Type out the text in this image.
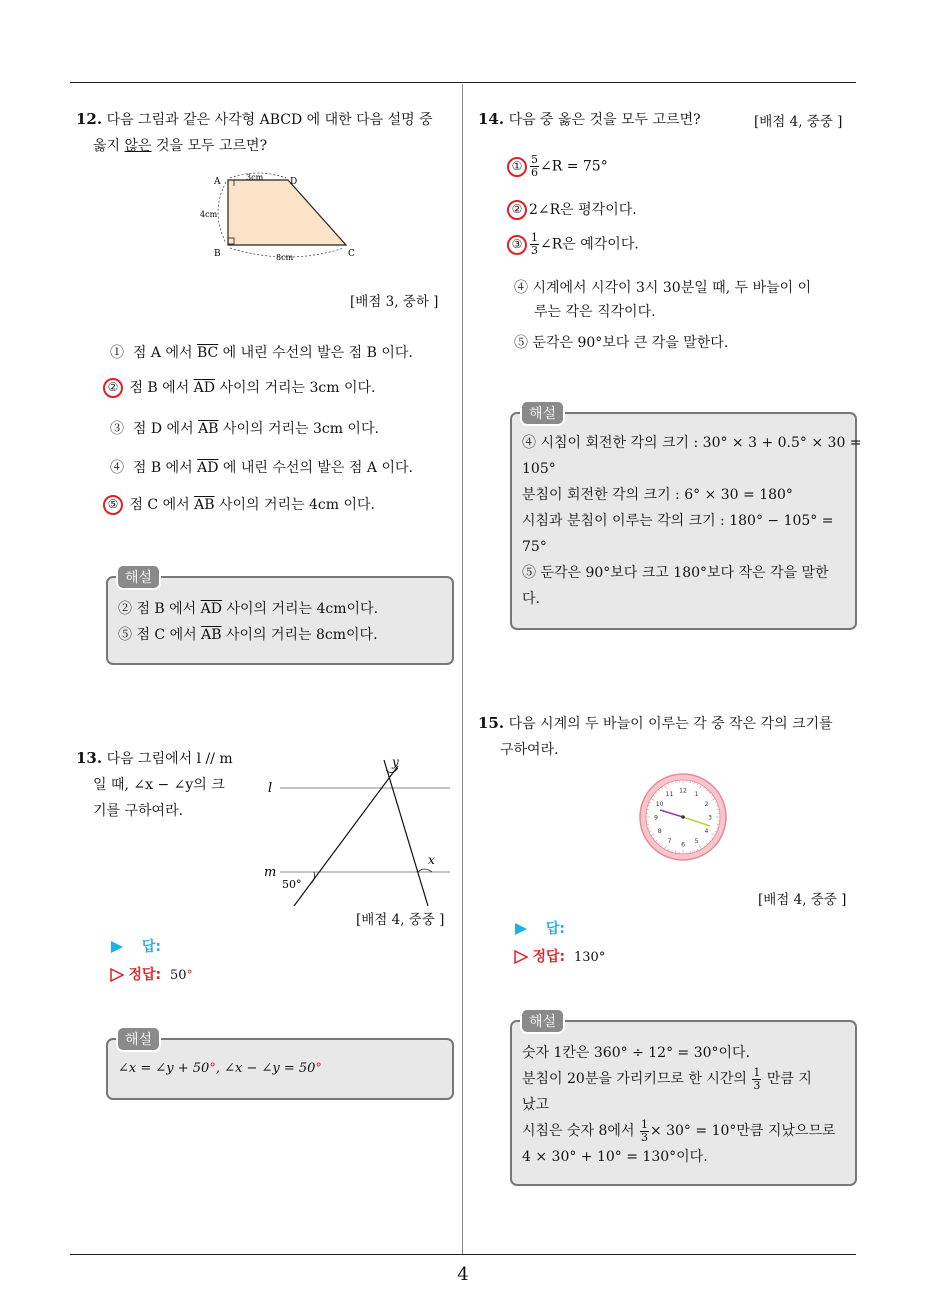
4
12. 다음 그림과 같은 사각형 ABCD 에 대한 다음 설명 중
옳지 않은 것을 모두 고르면?
A	D
B	C
3cm
4cm
8cm
[배점 3, 중하 ]
① 점 A 에서 $\overline{BC}$ 에 내린 수선의 발은 점 B 이다.
② 점 B 에서 $\overline{AD}$ 사이의 거리는 3cm 이다.
③ 점 D 에서 $\overline{AB}$ 사이의 거리는 3cm 이다.
④ 점 B 에서 $\overline{AD}$ 에 내린 수선의 발은 점 A 이다.
⑤ 점 C 에서 $\overline{AB}$ 사이의 거리는 4cm 이다.
해설
② 점 B 에서 $\overline{AD}$ 사이의 거리는 4cm이다.
⑤ 점 C 에서 $\overline{AB}$ 사이의 거리는 8cm이다.
13. 다음 그림에서 l // m
일 때, ∠x − ∠y의 크
기를 구하여라.
l
m
y
x
50°
[배점 4, 중중 ]
답:
정답: 50°
해설
∠x = ∠y + 50°, ∠x − ∠y = 50°
14. 다음 중 옳은 것을 모두 고르면?	[배점 4, 중중 ]
① $\frac{5}{6}$ ∠R = 75°
② 2∠R은 평각이다.
③ $\frac{1}{3}$ ∠R은 예각이다.
④ 시계에서 시각이 3시 30분일 때, 두 바늘이 이
루는 각은 직각이다.
⑤ 둔각은 90°보다 큰 각을 말한다.
해설
④ 시침이 회전한 각의 크기 : 30° × 3 + 0.5° × 30 =
105°
분침이 회전한 각의 크기 : 6° × 30 = 180°
시침과 분침이 이루는 각의 크기 : 180° − 105° =
75°
⑤ 둔각은 90°보다 크고 180°보다 작은 각을 말한
다.
15. 다음 시계의 두 바늘이 이루는 각 중 작은 각의 크기를
구하여라.
12
1
2
3
4
5
6
7
8
9
10
11
[배점 4, 중중 ]
답:
정답: 130°
해설
숫자 1칸은 360° ÷ 12° = 30°이다.
분침이 20분을 가리키므로 한 시간의 $\frac{1}{3}$ 만큼 지
났고
시침은 숫자 8에서 $\frac{1}{3} \times 30^\circ = 10^\circ$만큼 지났으므로
4 × 30° + 10° = 130°이다.
